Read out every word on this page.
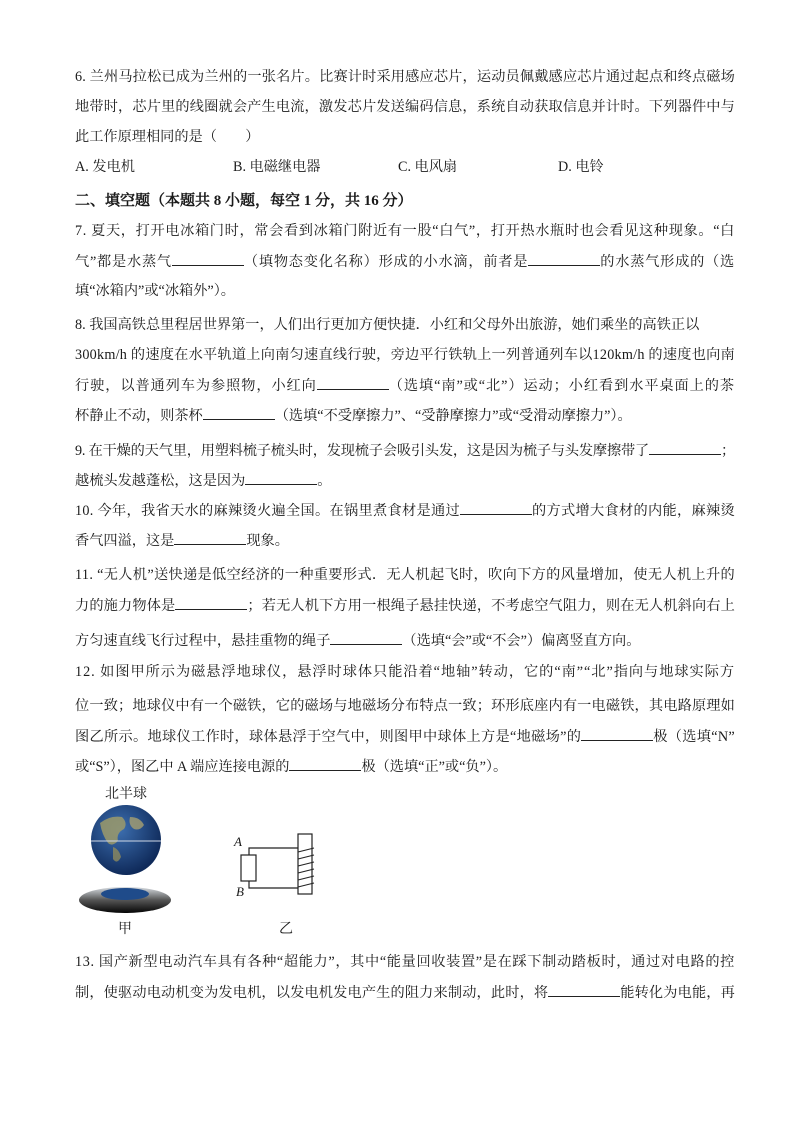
A. 发电机	B. 电磁继电器	C. 电风扇	D. 电铃
二、填空题（本题共 8 小题，每空 1 分，共 16 分）
北半球
甲
A
B
乙
6. 兰州马拉松已成为兰州的一张名片。比赛计时采用感应芯片，运动员佩戴感应芯片通过起点和终点磁场
地带时，芯片里的线圈就会产生电流，激发芯片发送编码信息，系统自动获取信息并计时。下列器件中与
此工作原理相同的是（　　）
7. 夏天，打开电冰箱门时，常会看到冰箱门附近有一股“白气”，打开热水瓶时也会看见这种现象。“白
气”都是水蒸气	（填物态变化名称）形成的小水滴，前者是	的水蒸气形成的（选
填“冰箱内”或“冰箱外”）。
8. 我国高铁总里程居世界第一，人们出行更加方便快捷．小红和父母外出旅游，她们乘坐的高铁正以
300km/h 的速度在水平轨道上向南匀速直线行驶，旁边平行铁轨上一列普通列车以120km/h 的速度也向南
行驶，以普通列车为参照物，小红向	（选填“南”或“北”）运动；小红看到水平桌面上的茶
杯静止不动，则茶杯	（选填“不受摩擦力”、“受静摩擦力”或“受滑动摩擦力”）。
9. 在干燥的天气里，用塑料梳子梳头时，发现梳子会吸引头发，这是因为梳子与头发摩擦带了	；
越梳头发越蓬松，这是因为	。
10. 今年，我省天水的麻辣烫火遍全国。在锅里煮食材是通过	的方式增大食材的内能，麻辣烫
香气四溢，这是	现象。
11. “无人机”送快递是低空经济的一种重要形式．无人机起飞时，吹向下方的风量增加，使无人机上升的
力的施力物体是	；若无人机下方用一根绳子悬挂快递，不考虑空气阻力，则在无人机斜向右上
方匀速直线飞行过程中，悬挂重物的绳子	（选填“会”或“不会”）偏离竖直方向。
12. 如图甲所示为磁悬浮地球仪，悬浮时球体只能沿着“地轴”转动，它的“南”“北”指向与地球实际方
位一致；地球仪中有一个磁铁，它的磁场与地磁场分布特点一致；环形底座内有一电磁铁，其电路原理如
图乙所示。地球仪工作时，球体悬浮于空气中，则图甲中球体上方是“地磁场”的	极（选填“N”
或“S”），图乙中 A 端应连接电源的	极（选填“正”或“负”）。
13. 国产新型电动汽车具有各种“超能力”，其中“能量回收装置”是在踩下制动踏板时，通过对电路的控
制，使驱动电动机变为发电机，以发电机发电产生的阻力来制动，此时，将	能转化为电能，再
